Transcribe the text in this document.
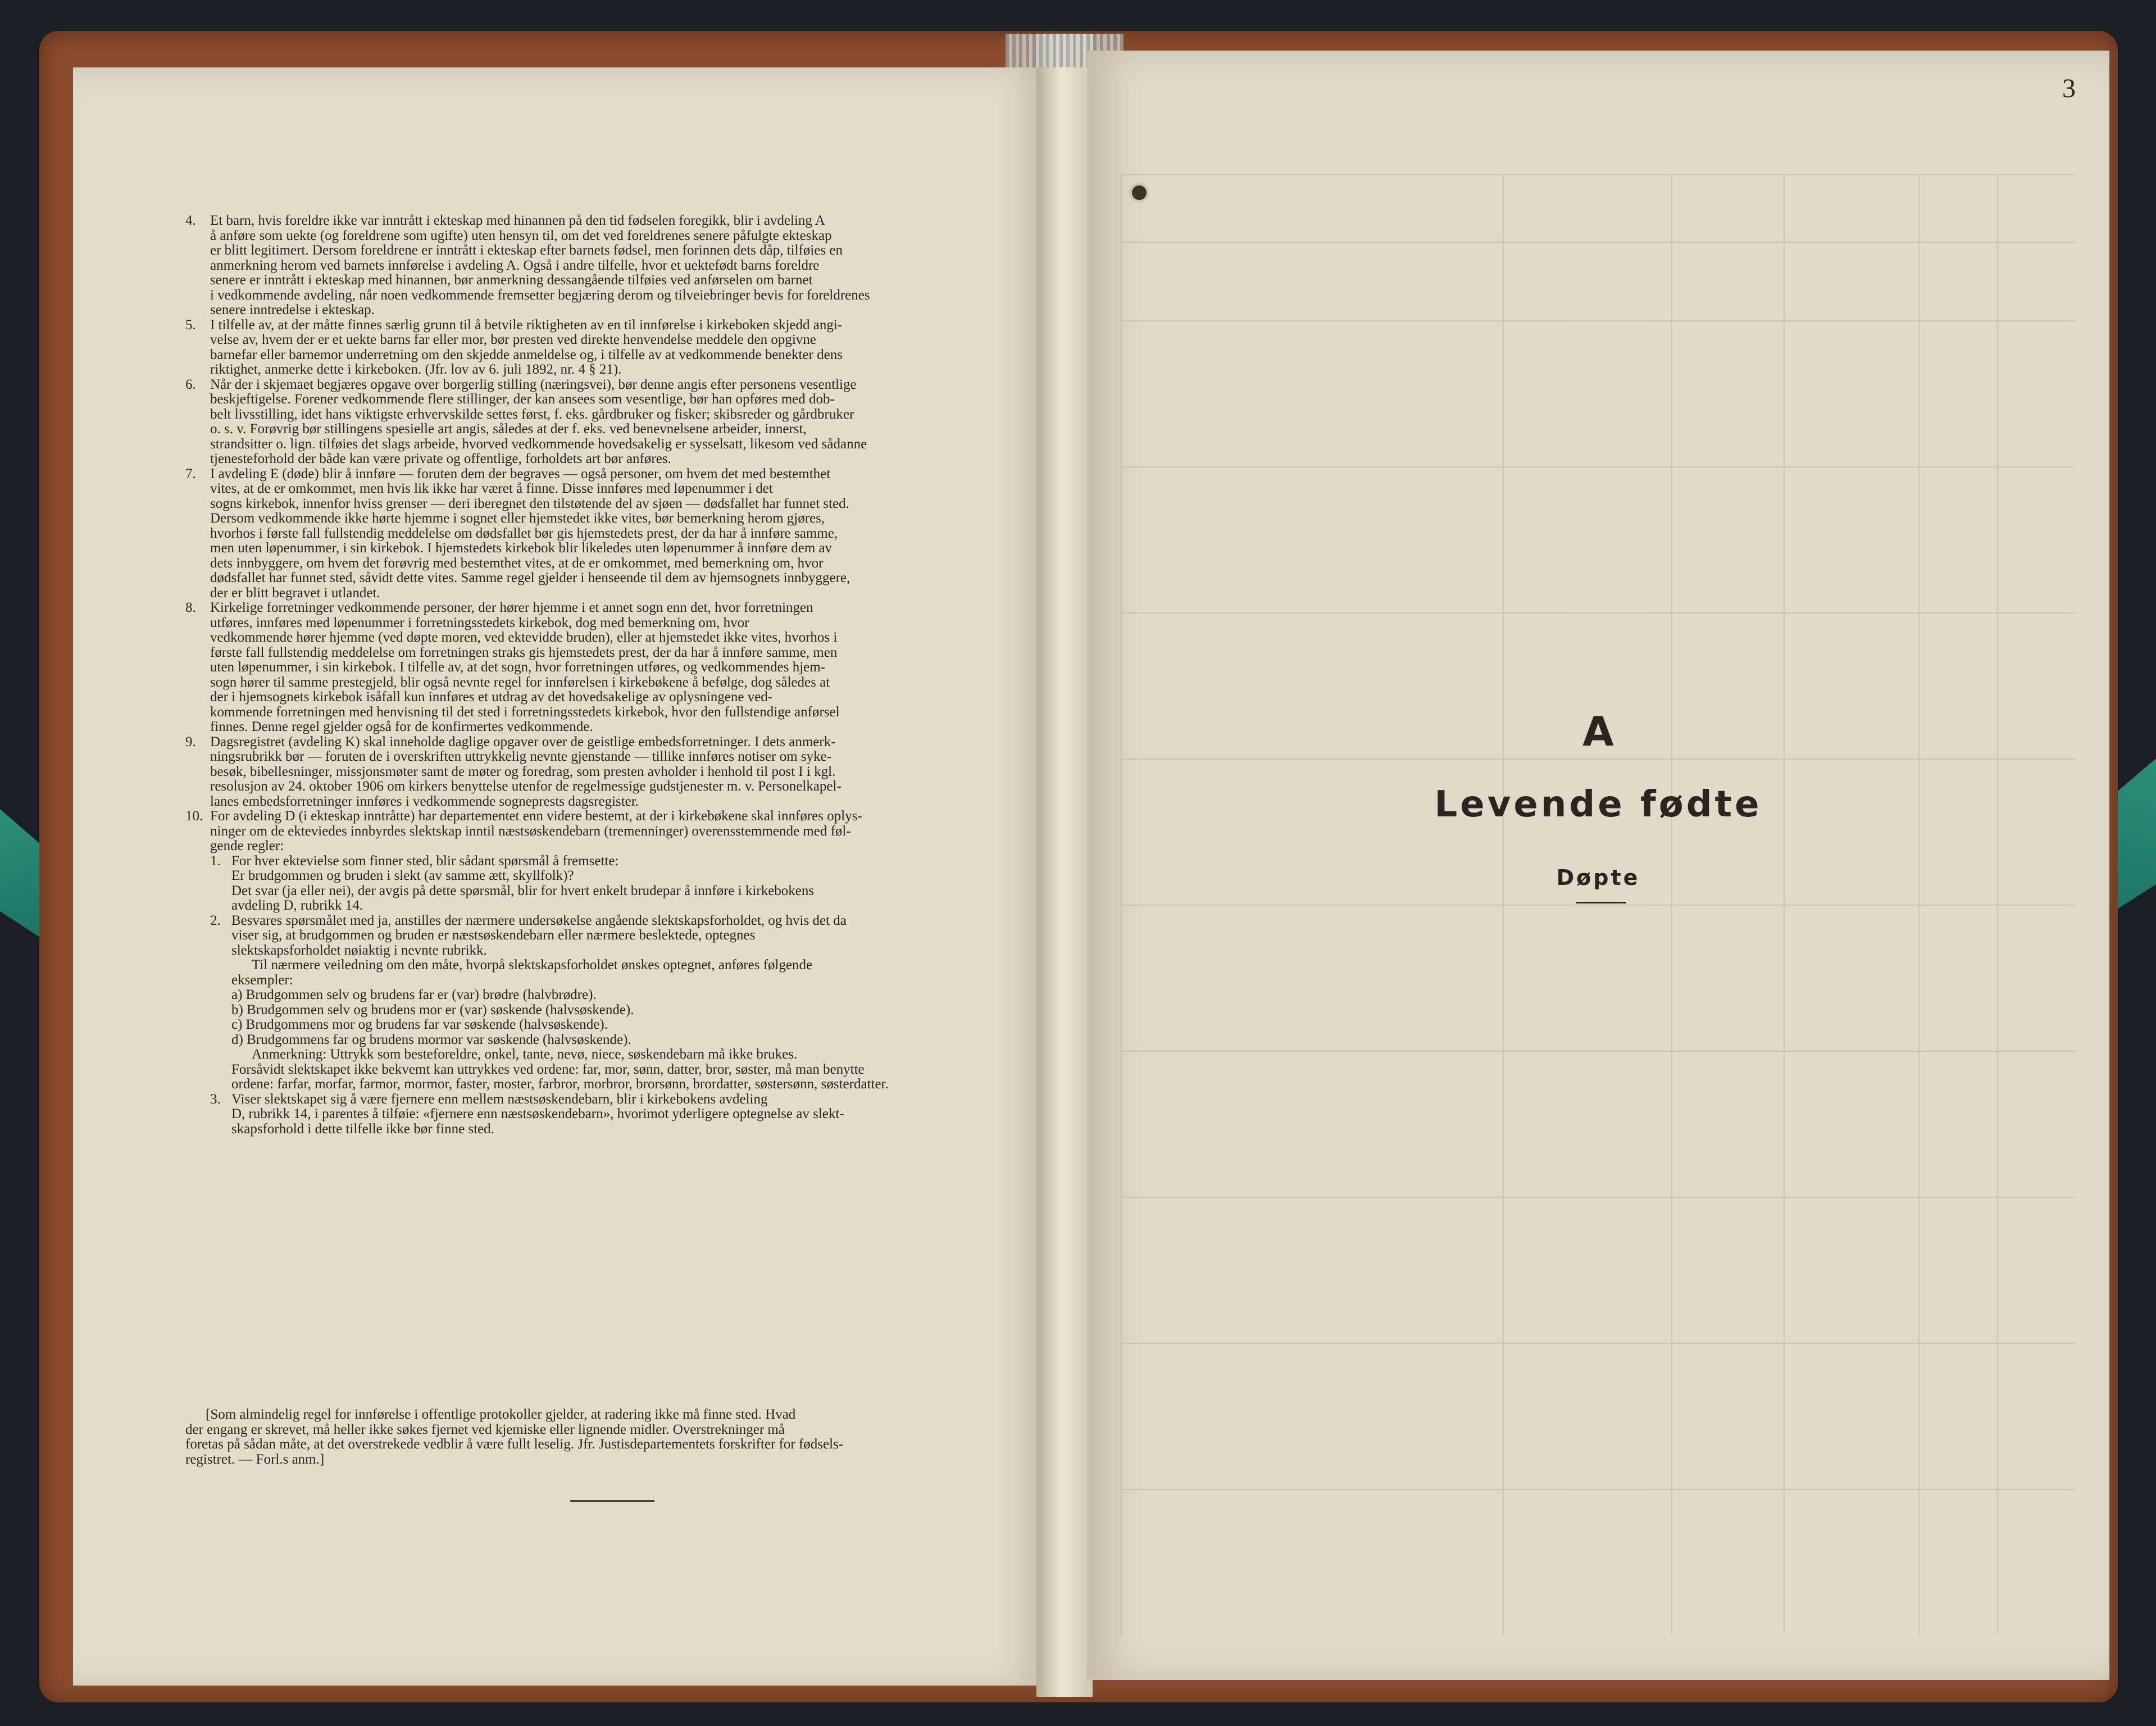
4. Et barn, hvis foreldre ikke var inntrått i ekteskap med hinannen på den tid fødselen foregikk, blir i avdeling A
å anføre som uekte (og foreldrene som ugifte) uten hensyn til, om det ved foreldrenes senere påfulgte ekteskap
er blitt legitimert. Dersom foreldrene er inntrått i ekteskap efter barnets fødsel, men forinnen dets dåp, tilføies en
anmerkning herom ved barnets innførelse i avdeling A. Også i andre tilfelle, hvor et uektefødt barns foreldre
senere er inntrått i ekteskap med hinannen, bør anmerkning dessangående tilføies ved anførselen om barnet
i vedkommende avdeling, når noen vedkommende fremsetter begjæring derom og tilveiebringer bevis for foreldrenes
senere inntredelse i ekteskap.
5. I tilfelle av, at der måtte finnes særlig grunn til å betvile riktigheten av en til innførelse i kirkeboken skjedd angi-
velse av, hvem der er et uekte barns far eller mor, bør presten ved direkte henvendelse meddele den opgivne
barnefar eller barnemor underretning om den skjedde anmeldelse og, i tilfelle av at vedkommende benekter dens
riktighet, anmerke dette i kirkeboken. (Jfr. lov av 6. juli 1892, nr. 4 § 21).
6. Når der i skjemaet begjæres opgave over borgerlig stilling (næringsvei), bør denne angis efter personens vesentlige
beskjeftigelse. Forener vedkommende flere stillinger, der kan ansees som vesentlige, bør han opføres med dob-
belt livsstilling, idet hans viktigste erhvervskilde settes først, f. eks. gårdbruker og fisker; skibsreder og gårdbruker
o. s. v. Forøvrig bør stillingens spesielle art angis, således at der f. eks. ved benevnelsene arbeider, innerst,
strandsitter o. lign. tilføies det slags arbeide, hvorved vedkommende hovedsakelig er sysselsatt, likesom ved sådanne
tjenesteforhold der både kan være private og offentlige, forholdets art bør anføres.
7. I avdeling E (døde) blir å innføre — foruten dem der begraves — også personer, om hvem det med bestemthet
vites, at de er omkommet, men hvis lik ikke har været å finne. Disse innføres med løpenummer i det
sogns kirkebok, innenfor hviss grenser — deri iberegnet den tilstøtende del av sjøen — dødsfallet har funnet sted.
Dersom vedkommende ikke hørte hjemme i sognet eller hjemstedet ikke vites, bør bemerkning herom gjøres,
hvorhos i første fall fullstendig meddelelse om dødsfallet bør gis hjemstedets prest, der da har å innføre samme,
men uten løpenummer, i sin kirkebok. I hjemstedets kirkebok blir likeledes uten løpenummer å innføre dem av
dets innbyggere, om hvem det forøvrig med bestemthet vites, at de er omkommet, med bemerkning om, hvor
dødsfallet har funnet sted, såvidt dette vites. Samme regel gjelder i henseende til dem av hjemsognets innbyggere,
der er blitt begravet i utlandet.
8. Kirkelige forretninger vedkommende personer, der hører hjemme i et annet sogn enn det, hvor forretningen
utføres, innføres med løpenummer i forretningsstedets kirkebok, dog med bemerkning om, hvor
vedkommende hører hjemme (ved døpte moren, ved ektevidde bruden), eller at hjemstedet ikke vites, hvorhos i
første fall fullstendig meddelelse om forretningen straks gis hjemstedets prest, der da har å innføre samme, men
uten løpenummer, i sin kirkebok. I tilfelle av, at det sogn, hvor forretningen utføres, og vedkommendes hjem-
sogn hører til samme prestegjeld, blir også nevnte regel for innførelsen i kirkebøkene å befølge, dog således at
der i hjemsognets kirkebok isåfall kun innføres et utdrag av det hovedsakelige av oplysningene ved-
kommende forretningen med henvisning til det sted i forretningsstedets kirkebok, hvor den fullstendige anførsel
finnes. Denne regel gjelder også for de konfirmertes vedkommende.
9. Dagsregistret (avdeling K) skal inneholde daglige opgaver over de geistlige embedsforretninger. I dets anmerk-
ningsrubrikk bør — foruten de i overskriften uttrykkelig nevnte gjenstande — tillike innføres notiser om syke-
besøk, bibellesninger, missjonsmøter samt de møter og foredrag, som presten avholder i henhold til post I i kgl.
resolusjon av 24. oktober 1906 om kirkers benyttelse utenfor de regelmessige gudstjenester m. v. Personelkapel-
lanes embedsforretninger innføres i vedkommende sogneprests dagsregister.
10. For avdeling D (i ekteskap inntråtte) har departementet enn videre bestemt, at der i kirkebøkene skal innføres oplys-
ninger om de ekteviedes innbyrdes slektskap inntil næstsøskendebarn (tremenninger) overensstemmende med føl-
gende regler:
1. For hver ektevielse som finner sted, blir sådant spørsmål å fremsette:
Er brudgommen og bruden i slekt (av samme ætt, skyllfolk)?
Det svar (ja eller nei), der avgis på dette spørsmål, blir for hvert enkelt brudepar å innføre i kirkebokens
avdeling D, rubrikk 14.
2. Besvares spørsmålet med ja, anstilles der nærmere undersøkelse angående slektskapsforholdet, og hvis det da
viser sig, at brudgommen og bruden er næstsøskendebarn eller nærmere beslektede, optegnes
slektskapsforholdet nøiaktig i nevnte rubrikk.
Til nærmere veiledning om den måte, hvorpå slektskapsforholdet ønskes optegnet, anføres følgende
eksempler:
a) Brudgommen selv og brudens far er (var) brødre (halvbrødre).
b) Brudgommen selv og brudens mor er (var) søskende (halvsøskende).
c) Brudgommens mor og brudens far var søskende (halvsøskende).
d) Brudgommens far og brudens mormor var søskende (halvsøskende).
Anmerkning: Uttrykk som besteforeldre, onkel, tante, nevø, niece, søskendebarn må ikke brukes.
Forsåvidt slektskapet ikke bekvemt kan uttrykkes ved ordene: far, mor, sønn, datter, bror, søster, må man benytte
ordene: farfar, morfar, farmor, mormor, faster, moster, farbror, morbror, brorsønn, brordatter, søstersønn, søsterdatter.
3. Viser slektskapet sig å være fjernere enn mellem næstsøskendebarn, blir i kirkebokens avdeling
D, rubrikk 14, i parentes å tilføie: «fjernere enn næstsøskendebarn», hvorimot yderligere optegnelse av slekt-
skapsforhold i dette tilfelle ikke bør finne sted.
[Som almindelig regel for innførelse i offentlige protokoller gjelder, at radering ikke må finne sted. Hvad
der engang er skrevet, må heller ikke søkes fjernet ved kjemiske eller lignende midler. Overstrekninger må
foretas på sådan måte, at det overstrekede vedblir å være fullt leselig. Jfr. Justisdepartementets forskrifter for fødsels-
registret. — Forl.s anm.]
3
A
Levende fødte
Døpte
